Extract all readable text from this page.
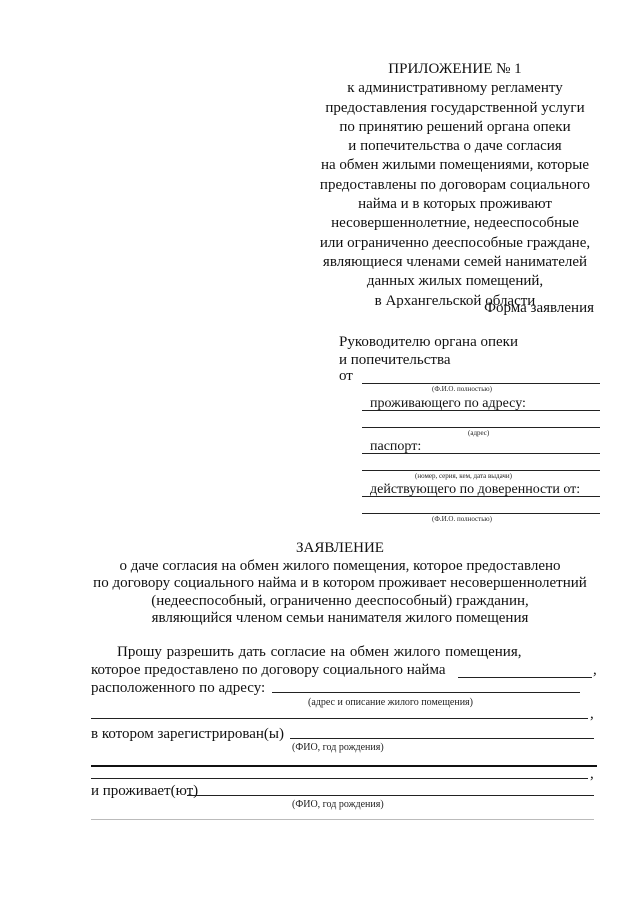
ПРИЛОЖЕНИЕ № 1
к административному регламенту
предоставления государственной услуги
по принятию решений органа опеки
и попечительства о даче согласия
на обмен жилыми помещениями, которые
предоставлены по договорам социального
найма и в которых проживают
несовершеннолетние, недееспособные
или ограниченно дееспособные граждане,
являющиеся членами семей нанимателей
данных жилых помещений,
в Архангельской области
Форма заявления
Руководителю органа опеки
и попечительства
от
(Ф.И.О. полностью)
проживающего по адресу:
(адрес)
паспорт:
(номер, серия, кем, дата выдачи)
действующего по доверенности от:
(Ф.И.О. полностью)
ЗАЯВЛЕНИЕ
о даче согласия на обмен жилого помещения, которое предоставлено
по договору социального найма и в котором проживает несовершеннолетний
(недееспособный, ограниченно дееспособный) гражданин,
являющийся членом семьи нанимателя жилого помещения
Прошу разрешить дать согласие на обмен жилого помещения,
которое предоставлено по договору социального найма	,
расположенного по адресу:
(адрес и описание жилого помещения)
,
в котором зарегистрирован(ы)
(ФИО, год рождения)
,
и проживает(ют)
(ФИО, год рождения)
